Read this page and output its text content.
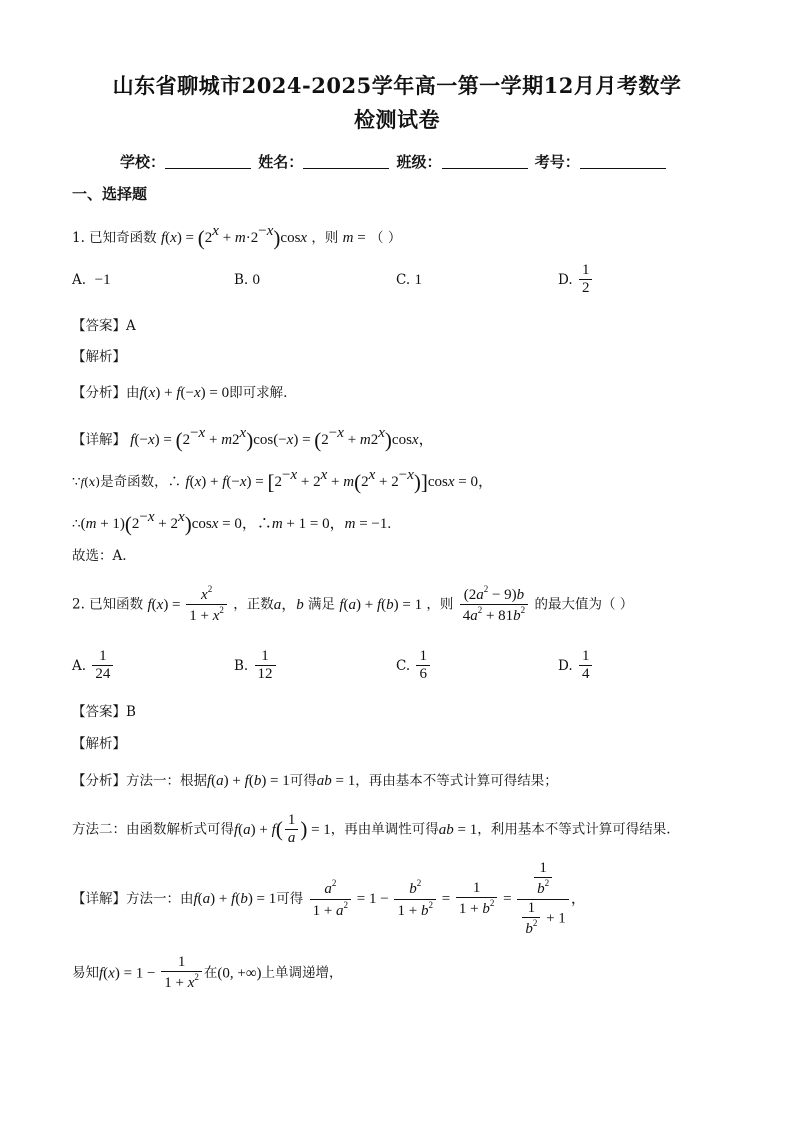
山东省聊城市2024-2025学年高一第一学期12月月考数学
检测试卷
学校：	姓名：	班级：	考号：
一、选择题
1. 已知奇函数 $f(x) = (2^x + m\cdot 2^{-x})\cos x$ ，则 m = （ ）
A. −1	B. 0	C. 1	D. $\frac{1}{2}$
【答案】A
【解析】
【分析】由f(x) + f(−x) = 0即可求解.
【详解】 $f(-x) = (2^{-x} + m2^x)\cos(-x) = (2^{-x} + m2^x)\cos x$，
∵f(x)是奇函数，∴ $f(x) + f(-x) = [2^{-x} + 2^x + m(2^x + 2^{-x})]\cos x = 0$，
∴(m + $1)(2^{-x} + 2^x)\cos x = 0$，∴m + 1 = 0，m = −1.
故选：A.
2. 已知函数 $f(x) = \frac{x^2}{1 + x^2}$ ，正数a，b 满足 f(a) + f(b) = 1 ，则 $\frac{(2a^2 - 9)b}{4a^2 + 81b^2}$ 的最大值为（ ）
A. $\frac{1}{24}$	B. $\frac{1}{12}$	C. $\frac{1}{6}$	D. $\frac{1}{4}$
【答案】B
【解析】
【分析】方法一：根据f(a) + f(b) = 1可得ab = 1，再由基本不等式计算可得结果；
方法二：由函数解析式可得$f(a) + f( \frac{1}{a}$ ) = 1，再由单调性可得ab = 1，利用基本不等式计算可得结果.
【详解】方法一：由f(a) + f(b) = 1可得 $\frac{a^2}{1 + a^2} = 1 - \frac{b^2}{1 + b^2} = \frac{1}{1 + b^2} = \frac{\frac{1}{b^2}}{\frac{1}{b^2} + 1}$ ，
易知$f(x) = 1 - \frac{1}{1 + x^2}$ 在(0, +∞)上单调递增，
